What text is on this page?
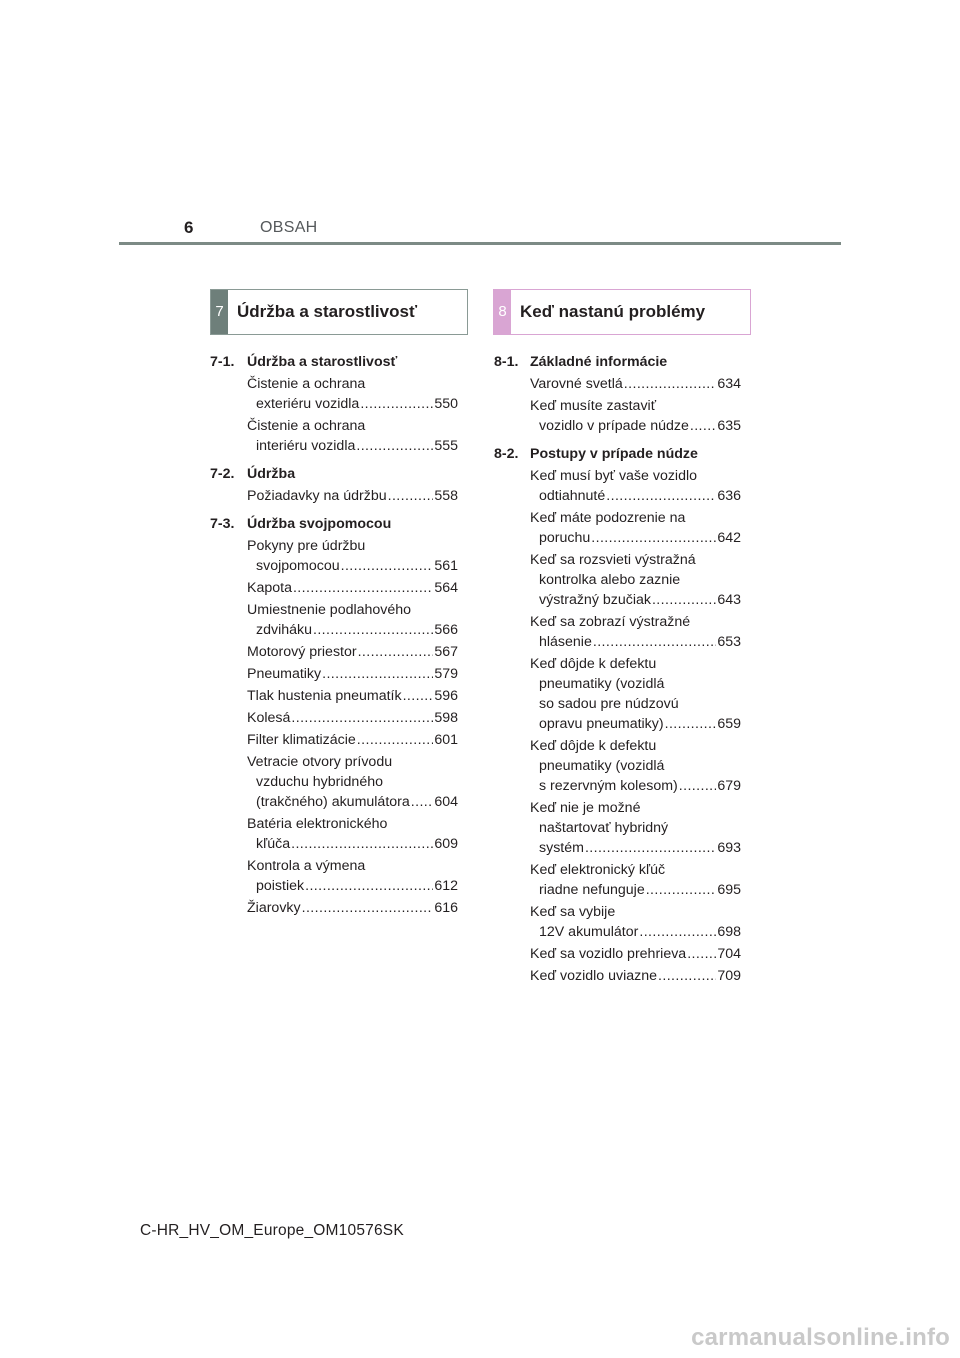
6	OBSAH
7 Údržba a starostlivosť	8 Keď nastanú problémy
7-1. Údržba a starostlivosť
Čistenie a ochrana
exteriéru vozidla .....	550
Čistenie a ochrana
interiéru vozidla .....	555
7-2. Údržba
Požiadavky na údržbu .....	558
7-3. Údržba svojpomocou
Pokyny pre údržbu
svojpomocou .....	561
Kapota .....	564
Umiestnenie podlahového
zdviháku .....	566
Motorový priestor .....	567
Pneumatiky .....	579
Tlak hustenia pneumatík ..... 596
Kolesá .....	598
Filter klimatizácie .....	601
Vetracie otvory prívodu
vzduchu hybridného
(trakčného) akumulátora ..... 604
Batéria elektronického
kľúča .....	609
Kontrola a výmena
poistiek .....	612
Žiarovky .....	616
8-1. Základné informácie
Varovné svetlá .....	634
Keď musíte zastaviť
vozidlo v prípade núdze ..... 635
8-2. Postupy v prípade núdze
Keď musí byť vaše vozidlo
odtiahnuté .....	636
Keď máte podozrenie na
poruchu .....	642
Keď sa rozsvieti výstražná
kontrolka alebo zaznie
výstražný bzučiak .....	643
Keď sa zobrazí výstražné
hlásenie .....	653
Keď dôjde k defektu
pneumatiky (vozidlá
so sadou pre núdzovú
opravu pneumatiky) .....	659
Keď dôjde k defektu
pneumatiky (vozidlá
s rezervným kolesom) .....	679
Keď nie je možné
naštartovať hybridný
systém .....	693
Keď elektronický kľúč
riadne nefunguje .....	695
Keď sa vybije
12V akumulátor .....	698
Keď sa vozidlo prehrieva ..... 704
Keď vozidlo uviazne .....	709
C-HR_HV_OM_Europe_OM10576SK
carmanualsonline.info
